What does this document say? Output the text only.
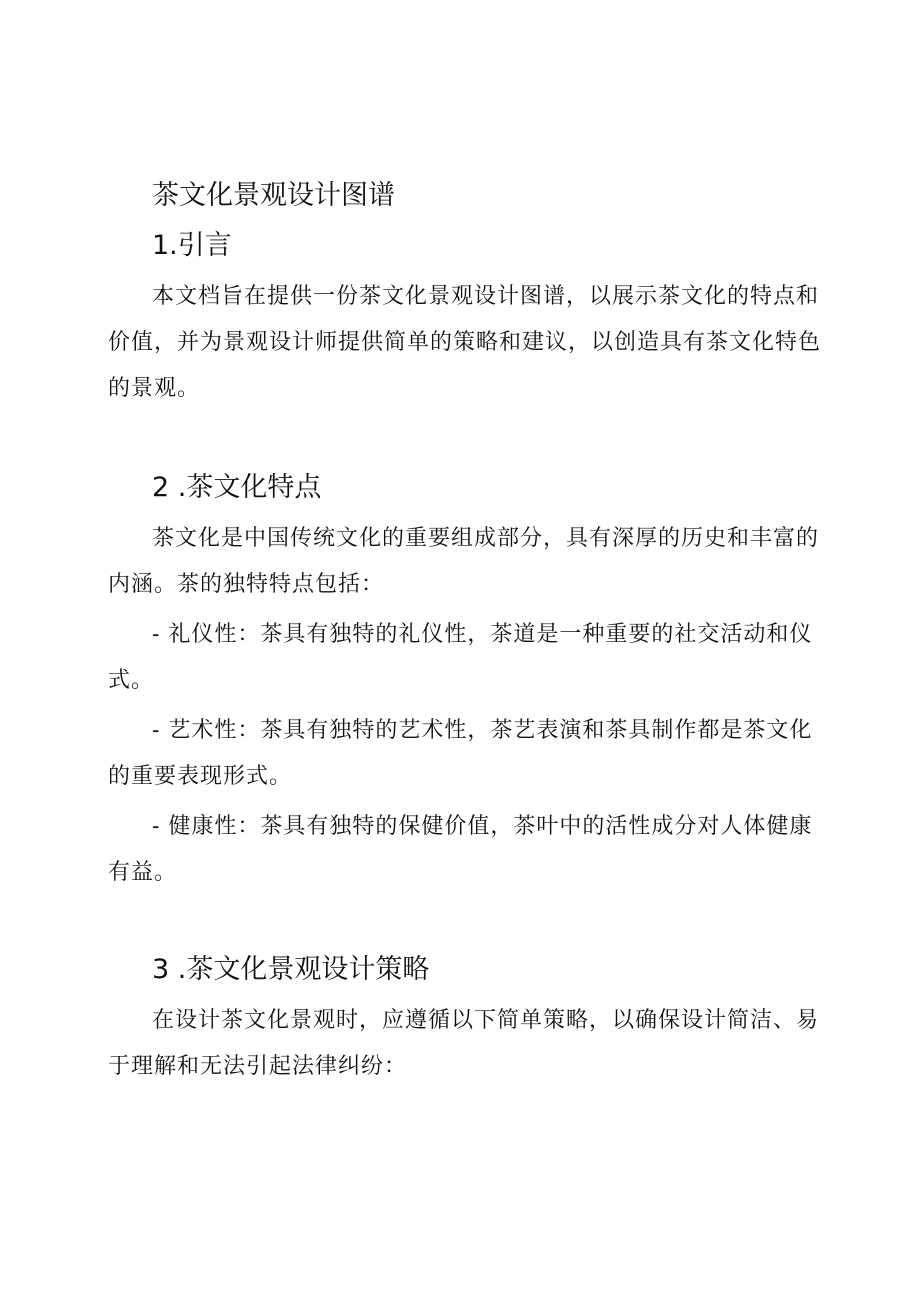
茶文化景观设计图谱
1.引言

本文档旨在提供一份茶文化景观设计图谱，以展示茶文化的特点和价值，并为景观设计师提供简单的策略和建议，以创造具有茶文化特色的景观。

2 .茶文化特点

茶文化是中国传统文化的重要组成部分，具有深厚的历史和丰富的内涵。茶的独特特点包括：

- 礼仪性：茶具有独特的礼仪性，茶道是一种重要的社交活动和仪式。

- 艺术性：茶具有独特的艺术性，茶艺表演和茶具制作都是茶文化的重要表现形式。

- 健康性：茶具有独特的保健价值，茶叶中的活性成分对人体健康有益。

3 .茶文化景观设计策略

在设计茶文化景观时，应遵循以下简单策略，以确保设计简洁、易于理解和无法引起法律纠纷：
